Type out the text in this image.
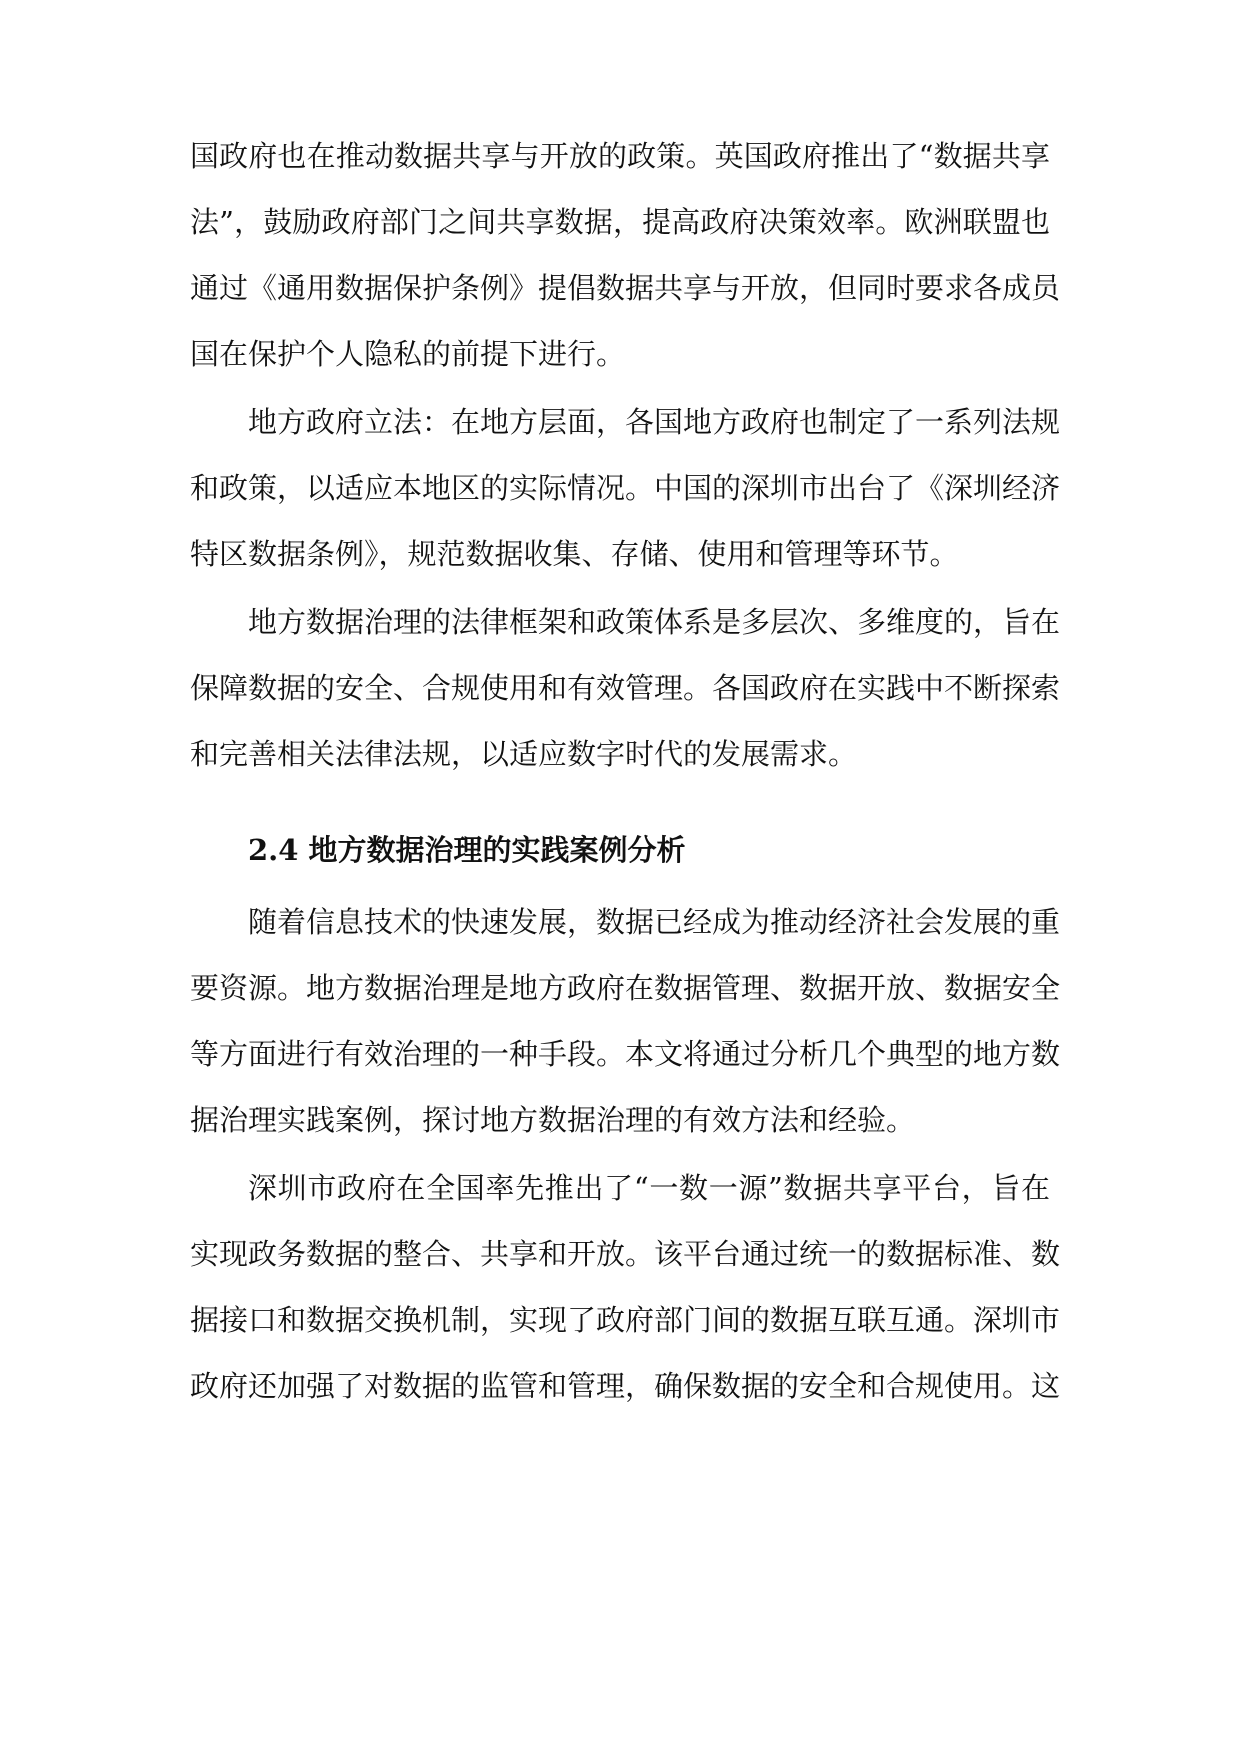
国政府也在推动数据共享与开放的政策。英国政府推出了“数据共享
法”，鼓励政府部门之间共享数据，提高政府决策效率。欧洲联盟也
通过《通用数据保护条例》提倡数据共享与开放，但同时要求各成员
国在保护个人隐私的前提下进行。
地方政府立法：在地方层面，各国地方政府也制定了一系列法规
和政策，以适应本地区的实际情况。中国的深圳市出台了《深圳经济
特区数据条例》，规范数据收集、存储、使用和管理等环节。
地方数据治理的法律框架和政策体系是多层次、多维度的，旨在
保障数据的安全、合规使用和有效管理。各国政府在实践中不断探索
和完善相关法律法规，以适应数字时代的发展需求。
2.4 地方数据治理的实践案例分析
随着信息技术的快速发展，数据已经成为推动经济社会发展的重
要资源。地方数据治理是地方政府在数据管理、数据开放、数据安全
等方面进行有效治理的一种手段。本文将通过分析几个典型的地方数
据治理实践案例，探讨地方数据治理的有效方法和经验。
深圳市政府在全国率先推出了“一数一源”数据共享平台，旨在
实现政务数据的整合、共享和开放。该平台通过统一的数据标准、数
据接口和数据交换机制，实现了政府部门间的数据互联互通。深圳市
政府还加强了对数据的监管和管理，确保数据的安全和合规使用。这
